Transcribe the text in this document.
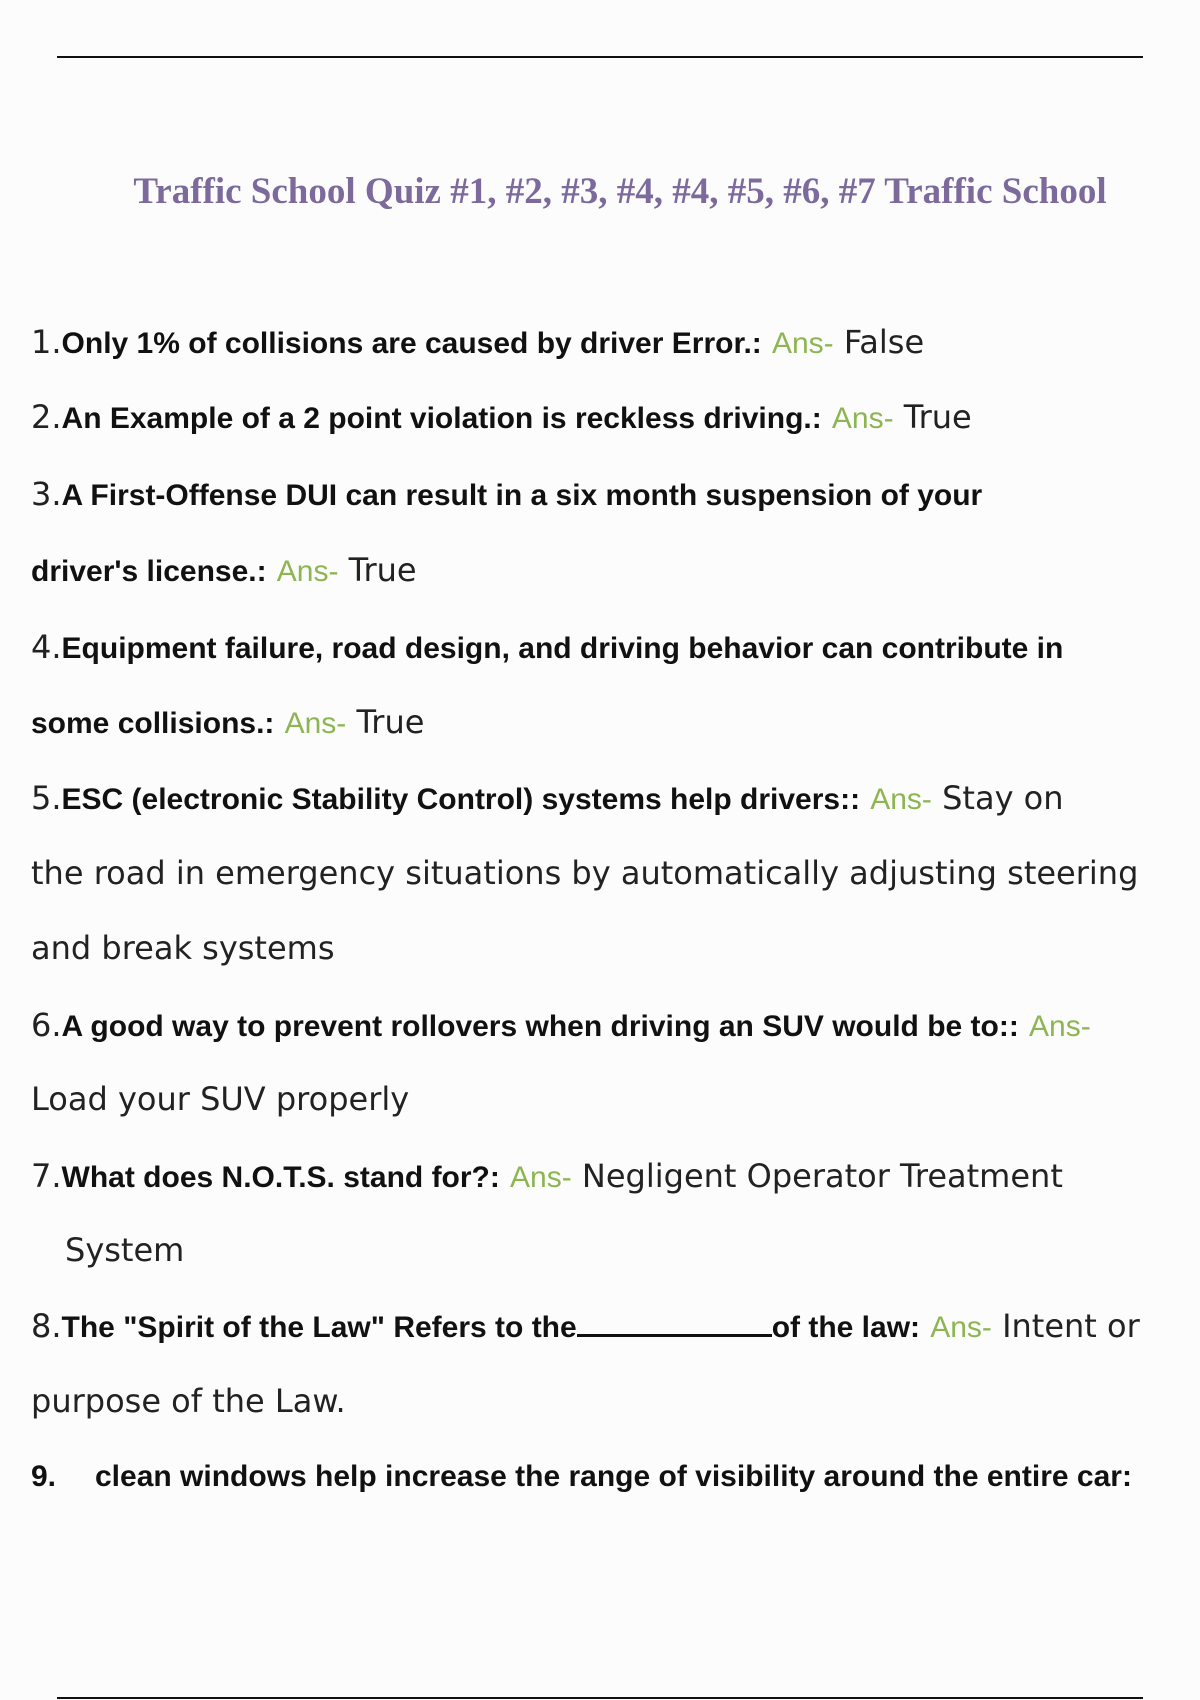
Traffic School Quiz #1, #2, #3, #4, #4, #5, #6, #7 Traffic School
1.Only 1% of collisions are caused by driver Error.: Ans- False
2.An Example of a 2 point violation is reckless driving.: Ans- True
3.A First-Offense DUI can result in a six month suspension of your
driver's license.: Ans- True
4.Equipment failure, road design, and driving behavior can contribute in
some collisions.: Ans- True
5.ESC (electronic Stability Control) systems help drivers:: Ans- Stay on
the road in emergency situations by automatically adjusting steering
and break systems
6.A good way to prevent rollovers when driving an SUV would be to:: Ans-
Load your SUV properly
7.What does N.O.T.S. stand for?: Ans- Negligent Operator Treatment
System
8.The "Spirit of the Law" Refers to the	of the law: Ans- Intent or
purpose of the Law.
9. clean windows help increase the range of visibility around the entire car:
